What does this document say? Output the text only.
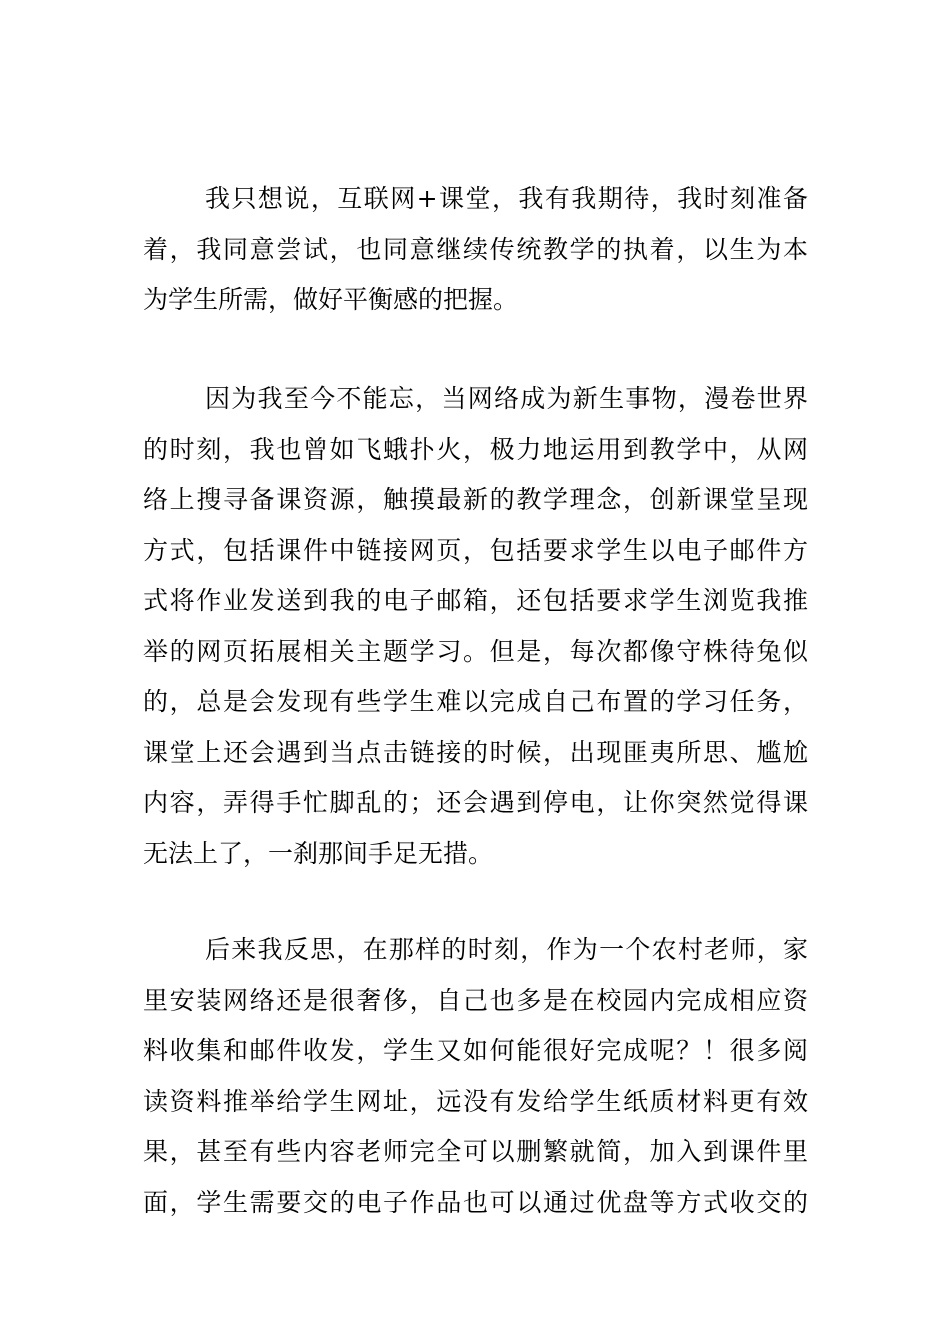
我只想说，互联网+课堂，我有我期待，我时刻准备
着，我同意尝试，也同意继续传统教学的执着，以生为本
为学生所需，做好平衡感的把握。
因为我至今不能忘，当网络成为新生事物，漫卷世界
的时刻，我也曾如飞蛾扑火，极力地运用到教学中，从网
络上搜寻备课资源，触摸最新的教学理念，创新课堂呈现
方式，包括课件中链接网页，包括要求学生以电子邮件方
式将作业发送到我的电子邮箱，还包括要求学生浏览我推
举的网页拓展相关主题学习。但是，每次都像守株待兔似
的，总是会发现有些学生难以完成自己布置的学习任务，
课堂上还会遇到当点击链接的时候，出现匪夷所思、尴尬
内容，弄得手忙脚乱的；还会遇到停电，让你突然觉得课
无法上了，一刹那间手足无措。
后来我反思，在那样的时刻，作为一个农村老师，家
里安装网络还是很奢侈，自己也多是在校园内完成相应资
料收集和邮件收发，学生又如何能很好完成呢？！很多阅
读资料推举给学生网址，远没有发给学生纸质材料更有效
果，甚至有些内容老师完全可以删繁就简，加入到课件里
面，学生需要交的电子作品也可以通过优盘等方式收交的
